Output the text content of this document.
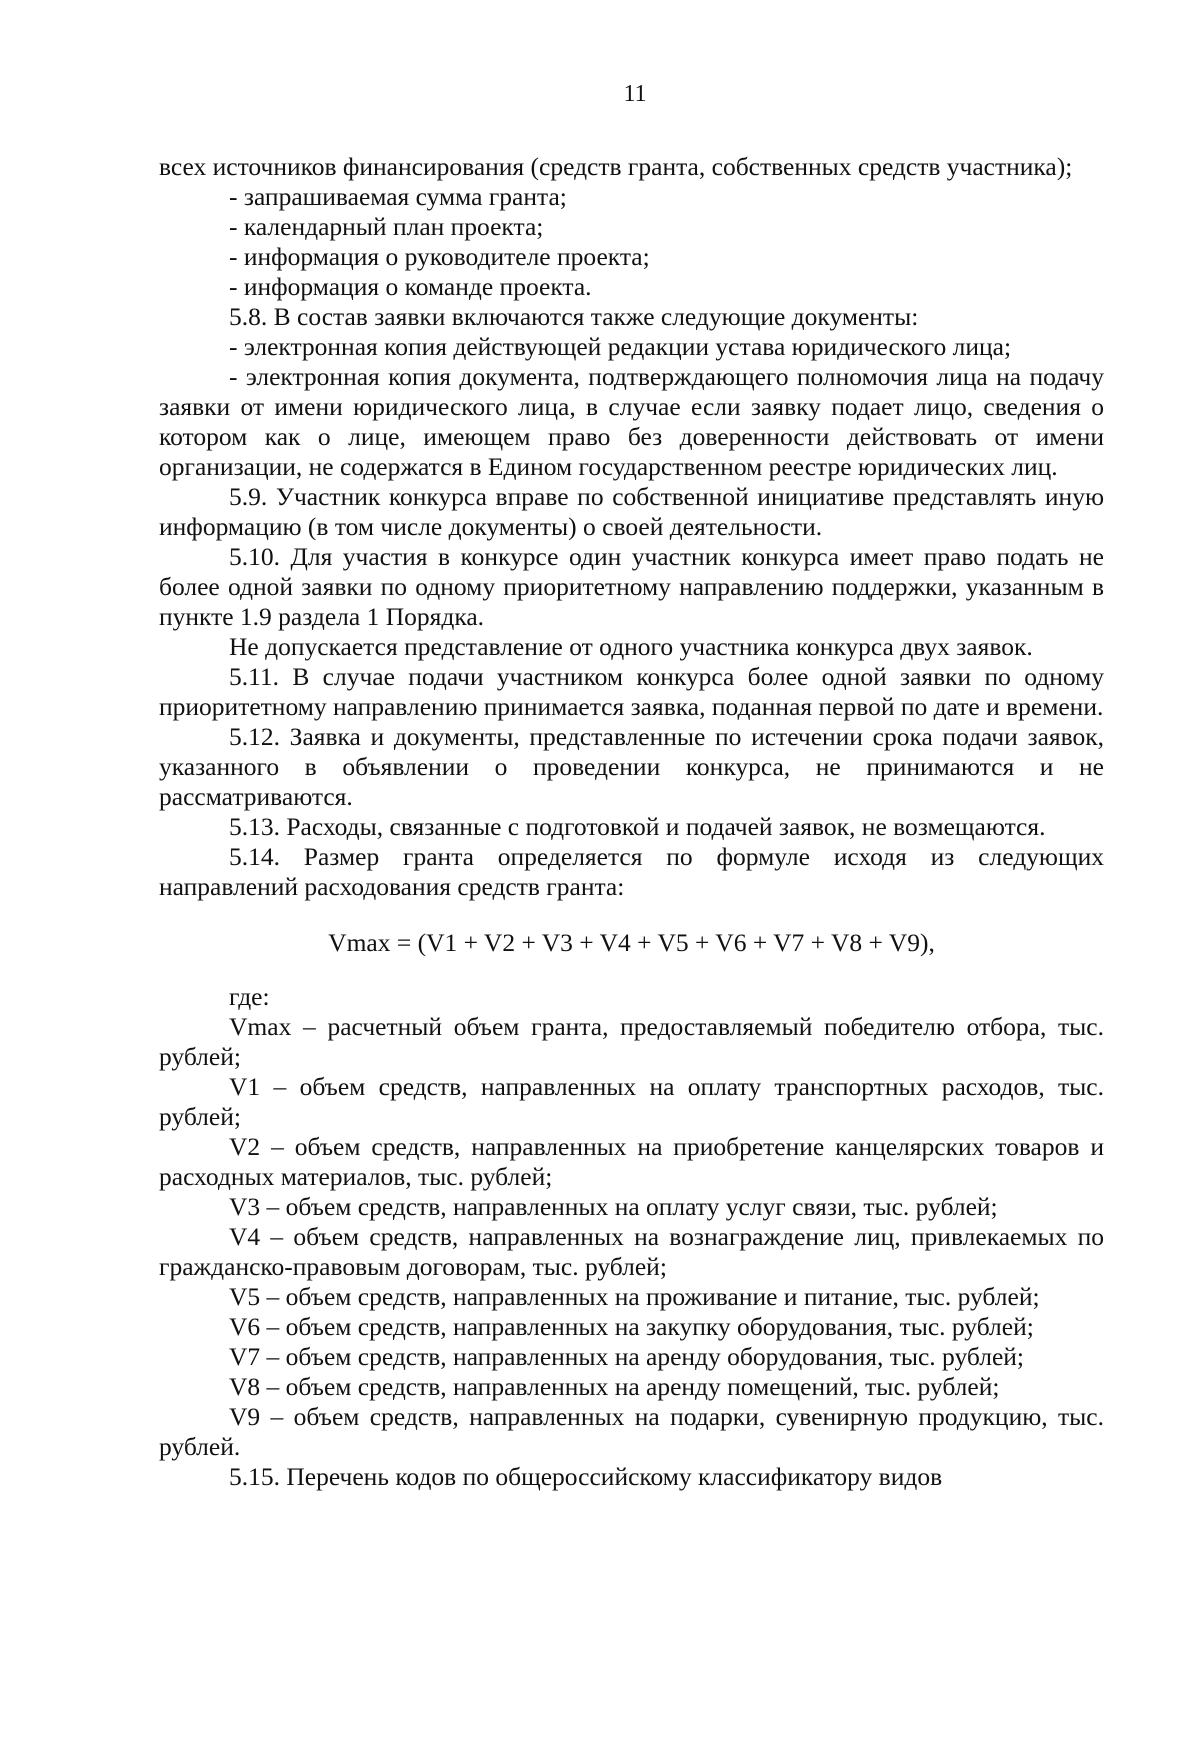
11

всех источников финансирования (средств гранта, собственных средств участника);

- запрашиваемая сумма гранта;

- календарный план проекта;

- информация о руководителе проекта;

- информация о команде проекта.

5.8. В состав заявки включаются также следующие документы:

- электронная копия действующей редакции устава юридического лица;

- электронная копия документа, подтверждающего полномочия лица на подачу заявки от имени юридического лица, в случае если заявку подает лицо, сведения о котором как о лице, имеющем право без доверенности действовать от имени организации, не содержатся в Едином государственном реестре юридических лиц.

5.9. Участник конкурса вправе по собственной инициативе представлять иную информацию (в том числе документы) о своей деятельности.

5.10. Для участия в конкурсе один участник конкурса имеет право подать не более одной заявки по одному приоритетному направлению поддержки, указанным в пункте 1.9 раздела 1 Порядка.

Не допускается представление от одного участника конкурса двух заявок.

5.11. В случае подачи участником конкурса более одной заявки по одному приоритетному направлению принимается заявка, поданная первой по дате и времени.

5.12. Заявка и документы, представленные по истечении срока подачи заявок, указанного в объявлении о проведении конкурса, не принимаются и не рассматриваются.

5.13. Расходы, связанные с подготовкой и подачей заявок, не возмещаются.

5.14. Размер гранта определяется по формуле исходя из следующих направлений расходования средств гранта:

Vmax = (V1 + V2 + V3 + V4 + V5 + V6 + V7 + V8 + V9),

где:

Vmax – расчетный объем гранта, предоставляемый победителю отбора, тыс. рублей;

V1 – объем средств, направленных на оплату транспортных расходов, тыс. рублей;

V2 – объем средств, направленных на приобретение канцелярских товаров и расходных материалов, тыс. рублей;

V3 – объем средств, направленных на оплату услуг связи, тыс. рублей;

V4 – объем средств, направленных на вознаграждение лиц, привлекаемых по гражданско-правовым договорам, тыс. рублей;

V5 – объем средств, направленных на проживание и питание, тыс. рублей;

V6 – объем средств, направленных на закупку оборудования, тыс. рублей;

V7 – объем средств, направленных на аренду оборудования, тыс. рублей;

V8 – объем средств, направленных на аренду помещений, тыс. рублей;

V9 – объем средств, направленных на подарки, сувенирную продукцию, тыс. рублей.

5.15. Перечень кодов по общероссийскому классификатору видов
